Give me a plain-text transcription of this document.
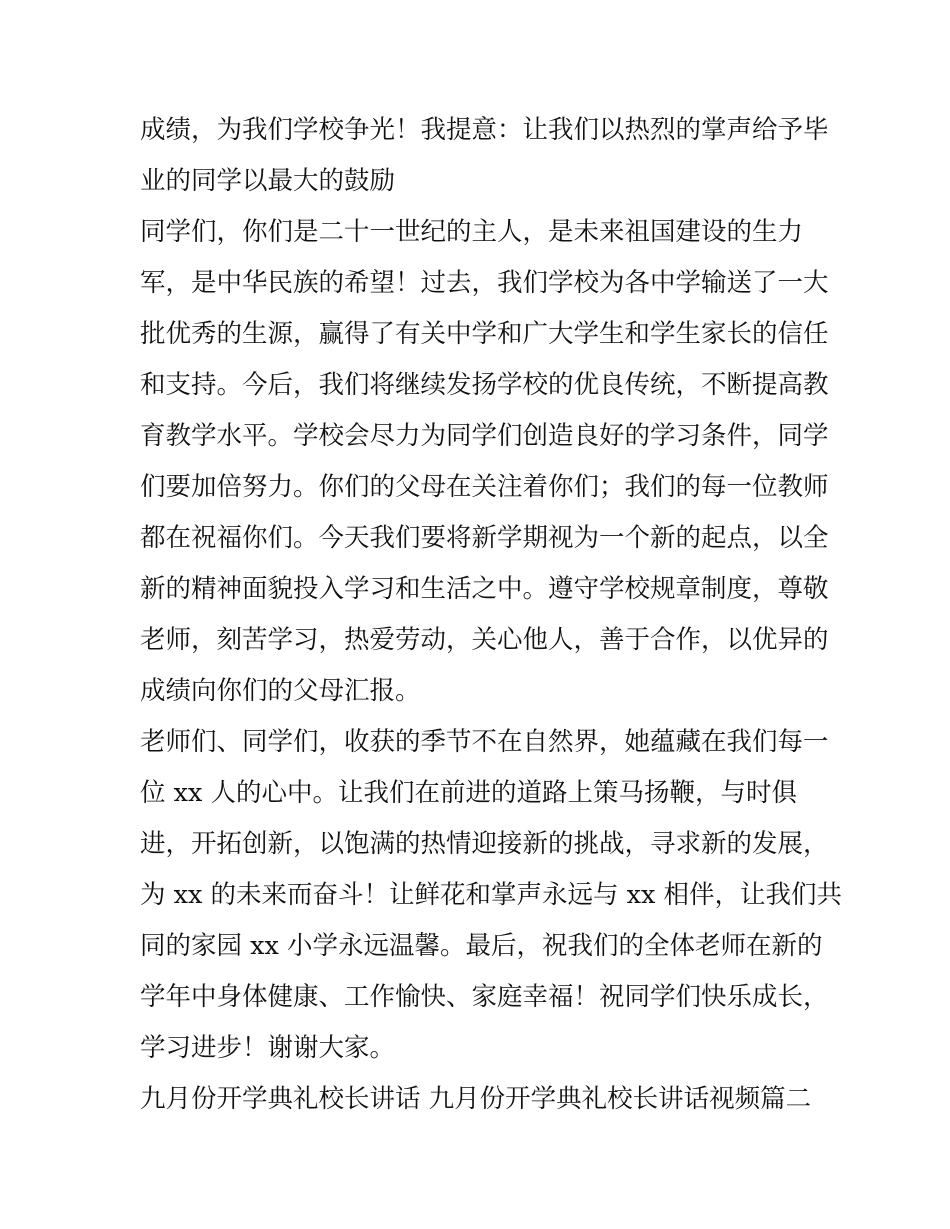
成绩，为我们学校争光！我提意：让我们以热烈的掌声给予毕
业的同学以最大的鼓励
同学们，你们是二十一世纪的主人，是未来祖国建设的生力
军，是中华民族的希望！过去，我们学校为各中学输送了一大
批优秀的生源，赢得了有关中学和广大学生和学生家长的信任
和支持。今后，我们将继续发扬学校的优良传统，不断提高教
育教学水平。学校会尽力为同学们创造良好的学习条件，同学
们要加倍努力。你们的父母在关注着你们；我们的每一位教师
都在祝福你们。今天我们要将新学期视为一个新的起点，以全
新的精神面貌投入学习和生活之中。遵守学校规章制度，尊敬
老师，刻苦学习，热爱劳动，关心他人，善于合作，以优异的
成绩向你们的父母汇报。
老师们、同学们，收获的季节不在自然界，她蕴藏在我们每一
位 xx 人的心中。让我们在前进的道路上策马扬鞭，与时俱
进，开拓创新，以饱满的热情迎接新的挑战，寻求新的发展，
为 xx 的未来而奋斗！让鲜花和掌声永远与 xx 相伴，让我们共
同的家园 xx 小学永远温馨。最后，祝我们的全体老师在新的
学年中身体健康、工作愉快、家庭幸福！祝同学们快乐成长，
学习进步！谢谢大家。
九月份开学典礼校长讲话 九月份开学典礼校长讲话视频篇二
